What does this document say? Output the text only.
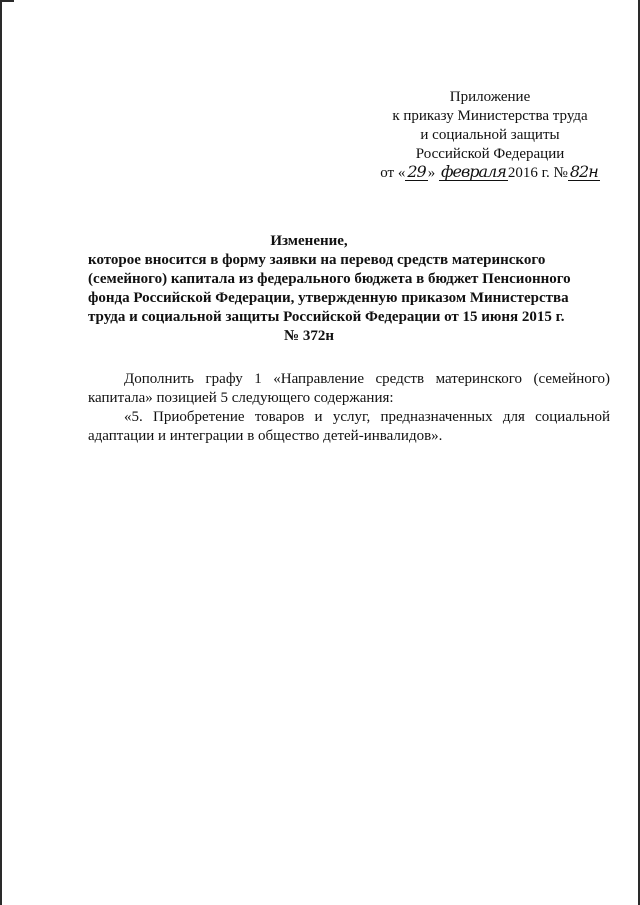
Приложение
к приказу Министерства труда
и социальной защиты
Российской Федерации
от « 29 » февраля 2016 г. № 82н
Изменение,
которое вносится в форму заявки на перевод средств материнского
(семейного) капитала из федерального бюджета в бюджет Пенсионного
фонда Российской Федерации, утвержденную приказом Министерства
труда и социальной защиты Российской Федерации от 15 июня 2015 г.
№ 372н

Дополнить графу 1 «Направление средств материнского (семейного) капитала» позицией 5 следующего содержания:

«5. Приобретение товаров и услуг, предназначенных для социальной адаптации и интеграции в общество детей-инвалидов».
